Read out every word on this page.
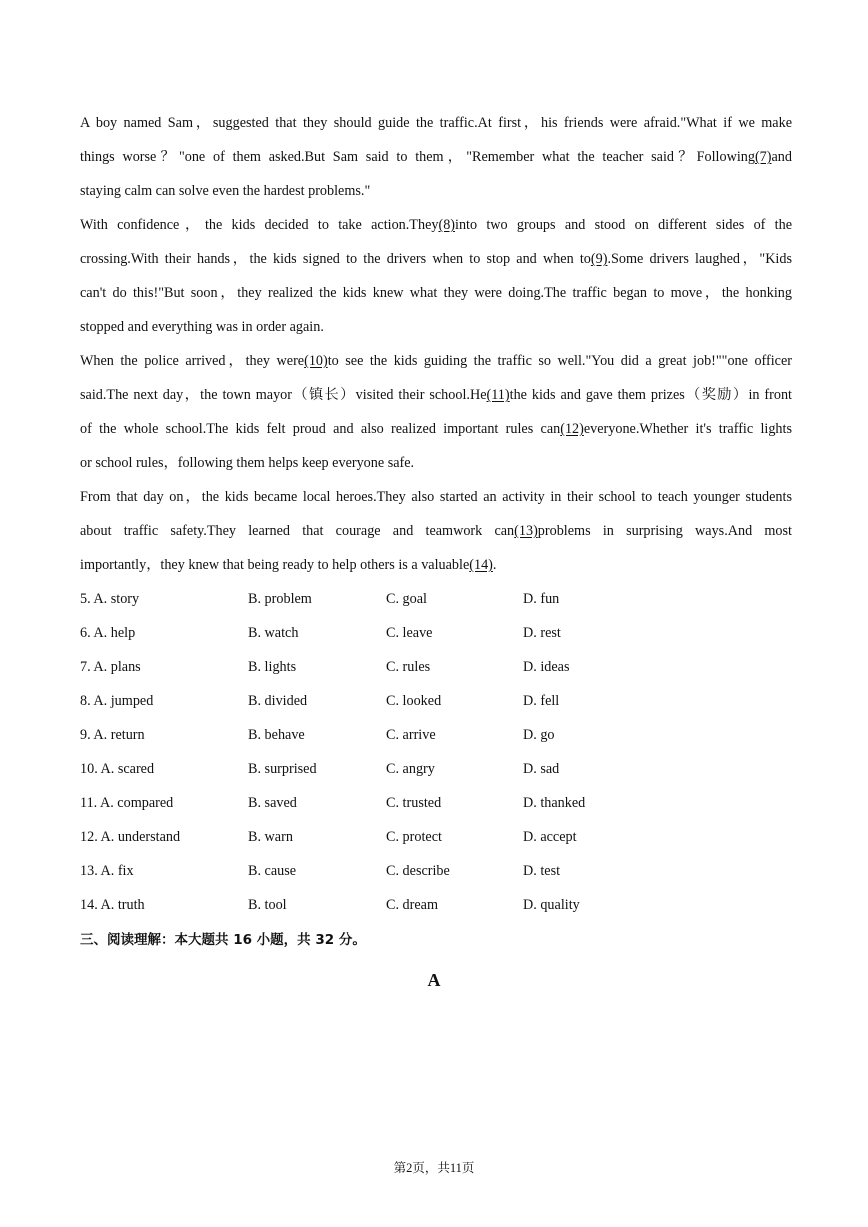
A boy named Sam，suggested that they should guide the traffic.At first，his friends were afraid."What if we make
things worse？"one of them asked.But Sam said to them，"Remember what the teacher said？Following(7)and
staying calm can solve even the hardest problems."
With confidence，the kids decided to take action.They(8)into two groups and stood on different sides of the
crossing.With their hands，the kids signed to the drivers when to stop and when to(9).Some drivers laughed，"Kids
can't do this!"But soon，they realized the kids knew what they were doing.The traffic began to move，the honking
stopped and everything was in order again.
When the police arrived，they were(10)to see the kids guiding the traffic so well."You did a great job!""one officer
said.The next day，the town mayor（镇长）visited their school.He(11)the kids and gave them prizes（奖励）in front
of the whole school.The kids felt proud and also realized important rules can(12)everyone.Whether it's traffic lights
or school rules，following them helps keep everyone safe.
From that day on，the kids became local heroes.They also started an activity in their school to teach younger students
about traffic safety.They learned that courage and teamwork can(13)problems in surprising ways.And most
importantly，they knew that being ready to help others is a valuable(14).
5. A. story	B. problem	C. goal	D. fun
6. A. help	B. watch	C. leave	D. rest
7. A. plans	B. lights	C. rules	D. ideas
8. A. jumped	B. divided	C. looked	D. fell
9. A. return	B. behave	C. arrive	D. go
10. A. scared	B. surprised	C. angry	D. sad
11. A. compared	B. saved	C. trusted	D. thanked
12. A. understand	B. warn	C. protect	D. accept
13. A. fix	B. cause	C. describe	D. test
14. A. truth	B. tool	C. dream	D. quality
三、阅读理解：本大题共 16 小题，共 32 分。
A
第2页，共11页
